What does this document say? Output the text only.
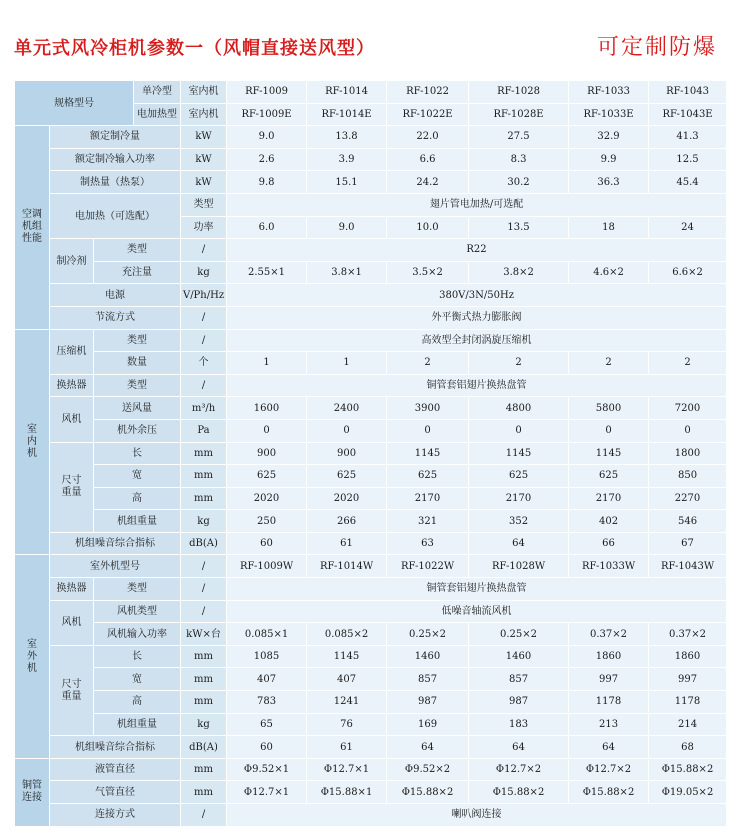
单元式风冷柜机参数一（风帽直接送风型）	可定制防爆
规格型号			单冷型	室内机	RF-1009	RF-1014	RF-1022	RF-1028	RF-1033	RF-1043
			电加热型	室内机	RF-1009E	RF-1014E	RF-1022E	RF-1028E	RF-1033E	RF-1043E
空调机组性能	额定制冷量			kW	9.0	13.8	22.0	27.5	32.9	41.3
	额定制冷输入功率			kW	2.6	3.9	6.6	8.3	9.9	12.5
	制热量（热泵）			kW	9.8	15.1	24.2	30.2	36.3	45.4
	电加热（可选配）			类型	翅片管电加热/可选配					
				功率	6.0	9.0	10.0	13.5	18	24
	制冷剂	类型		/	R22					
		充注量		kg	2.55×1	3.8×1	3.5×2	3.8×2	4.6×2	6.6×2
	电源			V/Ph/Hz	380V/3N/50Hz					
	节流方式			/	外平衡式热力膨胀阀					
室内机	压缩机	类型		/	高效型全封闭涡旋压缩机					
		数量		个	1	1	2	2	2	2
	换热器	类型		/	铜管套铝翅片换热盘管					
	风机	送风量		m³/h	1600	2400	3900	4800	5800	7200
		机外余压		Pa	0	0	0	0	0	0
	尺寸重量	长		mm	900	900	1145	1145	1145	1800
		宽		mm	625	625	625	625	625	850
		高		mm	2020	2020	2170	2170	2170	2270
		机组重量		kg	250	266	321	352	402	546
	机组噪音综合指标			dB(A)	60	61	63	64	66	67
室外机	室外机型号			/	RF-1009W	RF-1014W	RF-1022W	RF-1028W	RF-1033W	RF-1043W
	换热器	类型		/	铜管套铝翅片换热盘管					
	风机	风机类型		/	低噪音轴流风机					
		风机输入功率		kW×台	0.085×1	0.085×2	0.25×2	0.25×2	0.37×2	0.37×2
	尺寸重量	长		mm	1085	1145	1460	1460	1860	1860
		宽		mm	407	407	857	857	997	997
		高		mm	783	1241	987	987	1178	1178
		机组重量		kg	65	76	169	183	213	214
	机组噪音综合指标			dB(A)	60	61	64	64	64	68
铜管连接	液管直径			mm	Φ9.52×1	Φ12.7×1	Φ9.52×2	Φ12.7×2	Φ12.7×2	Φ15.88×2
	气管直径			mm	Φ12.7×1	Φ15.88×1	Φ15.88×2	Φ15.88×2	Φ15.88×2	Φ19.05×2
	连接方式			/	喇叭阀连接					
